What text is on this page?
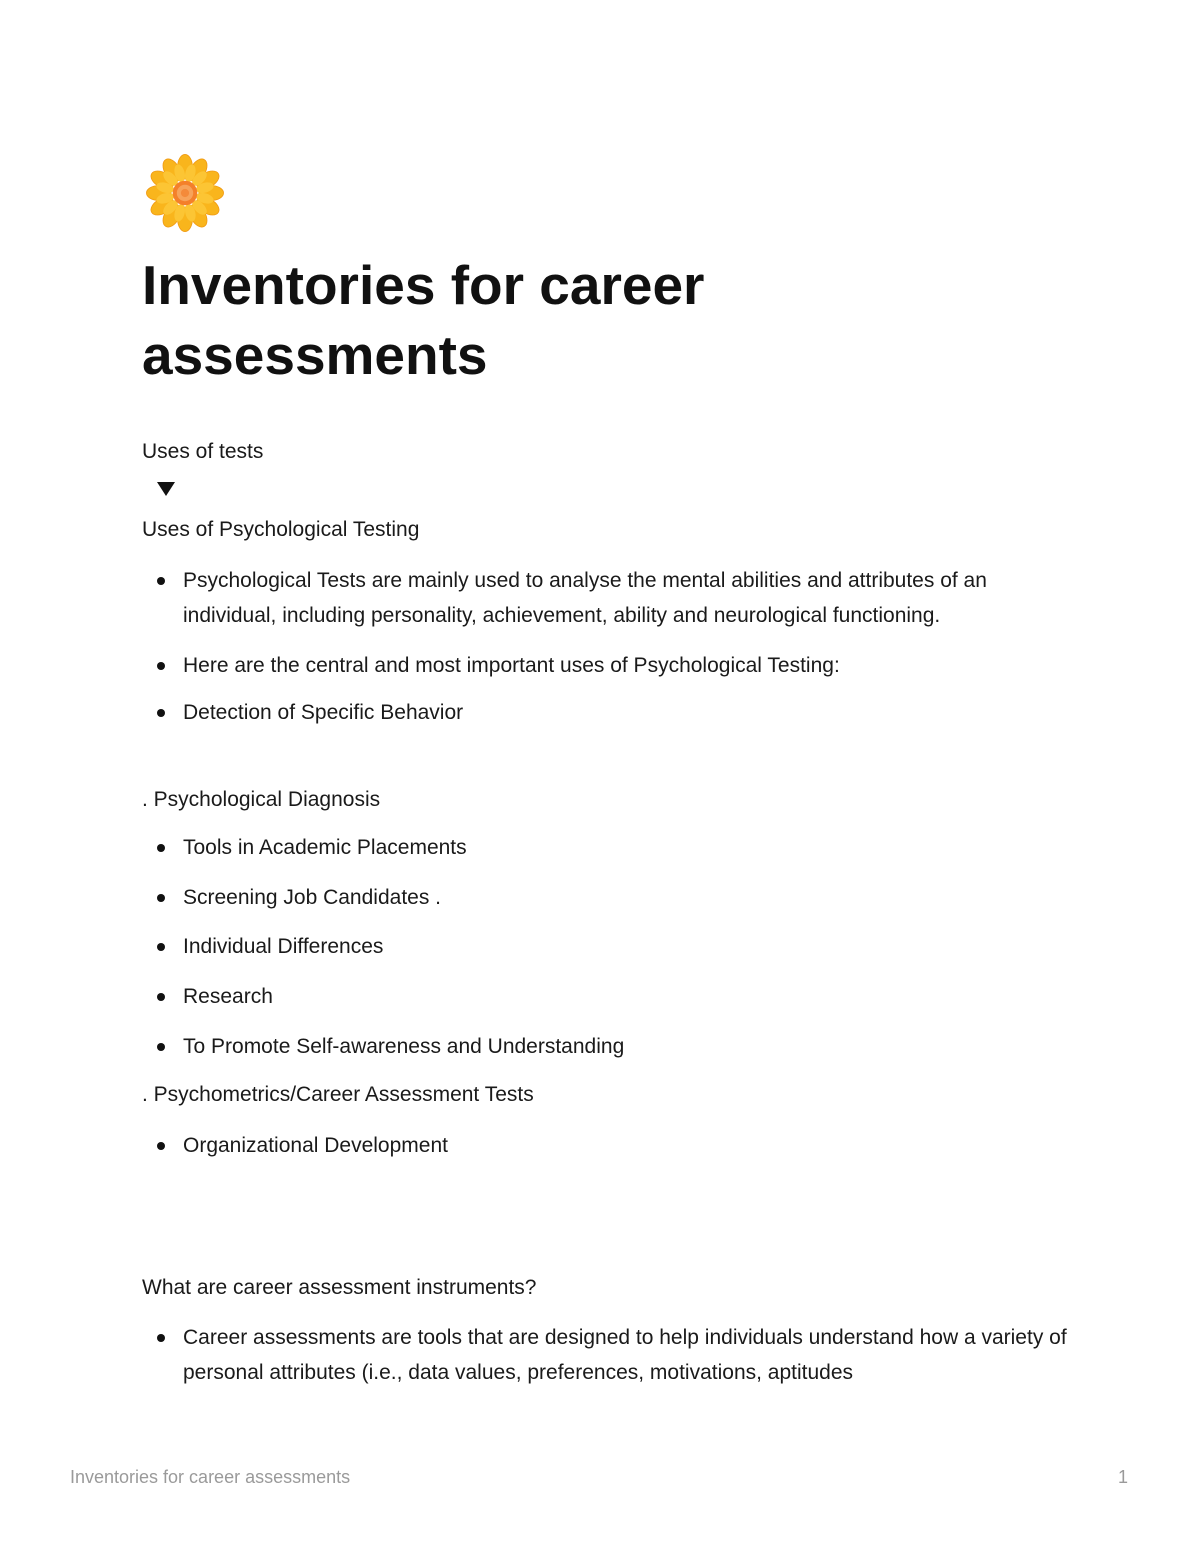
Inventories for career assessments

Uses of tests

Uses of Psychological Testing

Psychological Tests are mainly used to analyse the mental abilities and attributes of an individual, including personality, achievement, ability and neurological functioning.
Here are the central and most important uses of Psychological Testing:
Detection of Specific Behavior

. Psychological Diagnosis

Tools in Academic Placements
Screening Job Candidates .
Individual Differences
Research
To Promote Self-awareness and Understanding

. Psychometrics/Career Assessment Tests

Organizational Development

What are career assessment instruments?

Career assessments are tools that are designed to help individuals understand how a variety of personal attributes (i.e., data values, preferences, motivations, aptitudes

Inventories for career assessments	1
